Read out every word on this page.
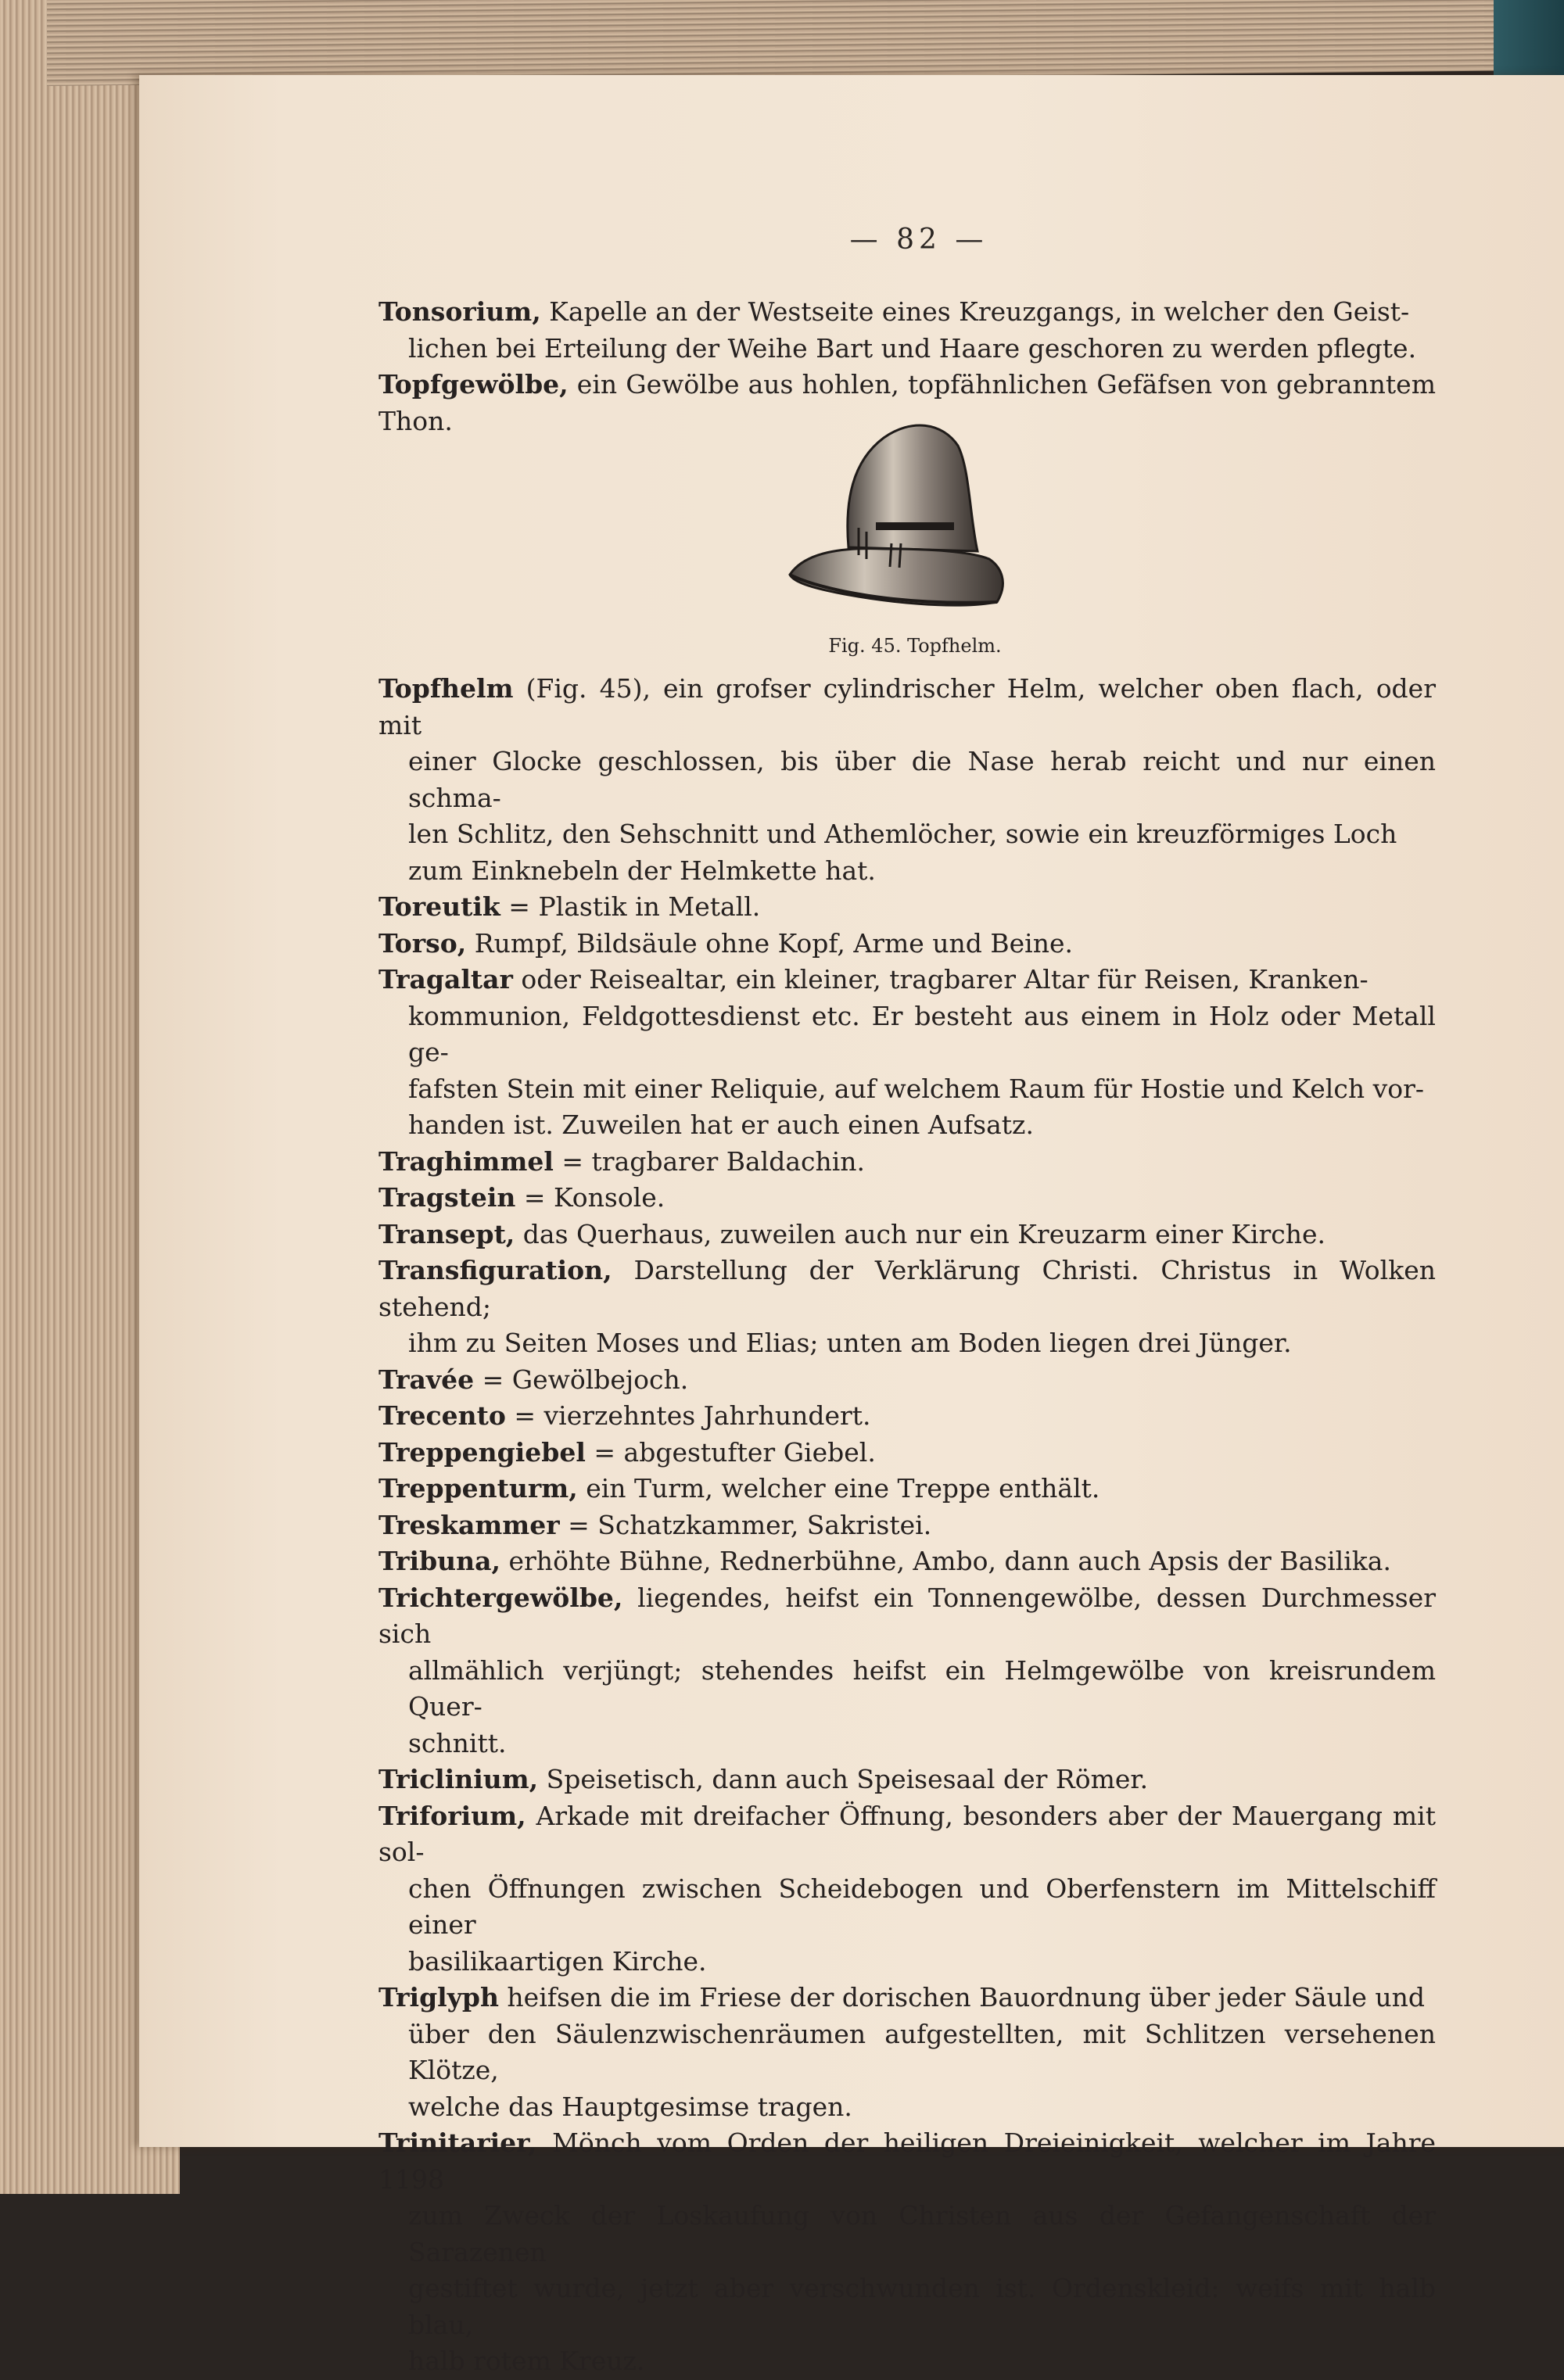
— 82 —
Tonsorium, Kapelle an der Westseite eines Kreuzgangs, in welcher den Geist-
lichen bei Erteilung der Weihe Bart und Haare geschoren zu werden pflegte.
Topfgewölbe, ein Gewölbe aus hohlen, topfähnlichen Gefäfsen von gebranntem Thon.
Fig. 45. Topfhelm.
Topfhelm (Fig. 45), ein grofser cylindrischer Helm, welcher oben flach, oder mit
einer Glocke geschlossen, bis über die Nase herab reicht und nur einen schma-
len Schlitz, den Sehschnitt und Athemlöcher, sowie ein kreuzförmiges Loch
zum Einknebeln der Helmkette hat.
Toreutik = Plastik in Metall.
Torso, Rumpf, Bildsäule ohne Kopf, Arme und Beine.
Tragaltar oder Reisealtar, ein kleiner, tragbarer Altar für Reisen, Kranken-
kommunion, Feldgottesdienst etc. Er besteht aus einem in Holz oder Metall ge-
fafsten Stein mit einer Reliquie, auf welchem Raum für Hostie und Kelch vor-
handen ist. Zuweilen hat er auch einen Aufsatz.
Traghimmel = tragbarer Baldachin.
Tragstein = Konsole.
Transept, das Querhaus, zuweilen auch nur ein Kreuzarm einer Kirche.
Transfiguration, Darstellung der Verklärung Christi. Christus in Wolken stehend;
ihm zu Seiten Moses und Elias; unten am Boden liegen drei Jünger.
Travée = Gewölbejoch.
Trecento = vierzehntes Jahrhundert.
Treppengiebel = abgestufter Giebel.
Treppenturm, ein Turm, welcher eine Treppe enthält.
Treskammer = Schatzkammer, Sakristei.
Tribuna, erhöhte Bühne, Rednerbühne, Ambo, dann auch Apsis der Basilika.
Trichtergewölbe, liegendes, heifst ein Tonnengewölbe, dessen Durchmesser sich
allmählich verjüngt; stehendes heifst ein Helmgewölbe von kreisrundem Quer-
schnitt.
Triclinium, Speisetisch, dann auch Speisesaal der Römer.
Triforium, Arkade mit dreifacher Öffnung, besonders aber der Mauergang mit sol-
chen Öffnungen zwischen Scheidebogen und Oberfenstern im Mittelschiff einer
basilikaartigen Kirche.
Triglyph heifsen die im Friese der dorischen Bauordnung über jeder Säule und
über den Säulenzwischenräumen aufgestellten, mit Schlitzen versehenen Klötze,
welche das Hauptgesimse tragen.
Trinitarier, Mönch vom Orden der heiligen Dreieinigkeit, welcher im Jahre 1198
zum Zweck der Loskaufung von Christen aus der Gefangenschaft der Sarazenen
gestiftet wurde, jetzt aber verschwunden ist. Ordenskleid: weifs mit halb blau,
halb rotem Kreuz.
